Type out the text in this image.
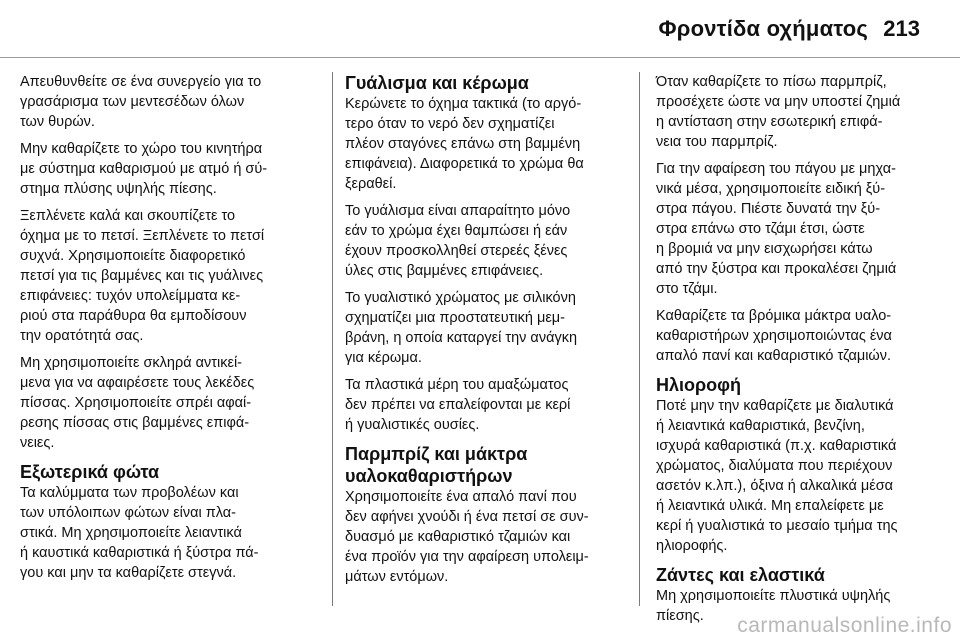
Φροντίδα οχήματος 213

Απευθυνθείτε σε ένα συνεργείο για το
γρασάρισμα των μεντεσέδων όλων
των θυρών.

Μην καθαρίζετε το χώρο του κινητήρα
με σύστημα καθαρισμού με ατμό ή σύ-
στημα πλύσης υψηλής πίεσης.

Ξεπλένετε καλά και σκουπίζετε το
όχημα με το πετσί. Ξεπλένετε το πετσί
συχνά. Χρησιμοποιείτε διαφορετικό
πετσί για τις βαμμένες και τις γυάλινες
επιφάνειες: τυχόν υπολείμματα κε-
ριού στα παράθυρα θα εμποδίσουν
την ορατότητά σας.

Μη χρησιμοποιείτε σκληρά αντικεί-
μενα για να αφαιρέσετε τους λεκέδες
πίσσας. Χρησιμοποιείτε σπρέι αφαί-
ρεσης πίσσας στις βαμμένες επιφά-
νειες.

Εξωτερικά φώτα

Τα καλύμματα των προβολέων και
των υπόλοιπων φώτων είναι πλα-
στικά. Μη χρησιμοποιείτε λειαντικά
ή καυστικά καθαριστικά ή ξύστρα πά-
γου και μην τα καθαρίζετε στεγνά.

Γυάλισμα και κέρωμα

Κερώνετε το όχημα τακτικά (το αργό-
τερο όταν το νερό δεν σχηματίζει
πλέον σταγόνες επάνω στη βαμμένη
επιφάνεια). Διαφορετικά το χρώμα θα
ξεραθεί.

Το γυάλισμα είναι απαραίτητο μόνο
εάν το χρώμα έχει θαμπώσει ή εάν
έχουν προσκολληθεί στερεές ξένες
ύλες στις βαμμένες επιφάνειες.

Το γυαλιστικό χρώματος με σιλικόνη
σχηματίζει μια προστατευτική μεμ-
βράνη, η οποία καταργεί την ανάγκη
για κέρωμα.

Τα πλαστικά μέρη του αμαξώματος
δεν πρέπει να επαλείφονται με κερί
ή γυαλιστικές ουσίες.

Παρμπρίζ και μάκτρα
υαλοκαθαριστήρων

Χρησιμοποιείτε ένα απαλό πανί που
δεν αφήνει χνούδι ή ένα πετσί σε συν-
δυασμό με καθαριστικό τζαμιών και
ένα προϊόν για την αφαίρεση υπολειμ-
μάτων εντόμων.

Όταν καθαρίζετε το πίσω παρμπρίζ,
προσέχετε ώστε να μην υποστεί ζημιά
η αντίσταση στην εσωτερική επιφά-
νεια του παρμπρίζ.

Για την αφαίρεση του πάγου με μηχα-
νικά μέσα, χρησιμοποιείτε ειδική ξύ-
στρα πάγου. Πιέστε δυνατά την ξύ-
στρα επάνω στο τζάμι έτσι, ώστε
η βρομιά να μην εισχωρήσει κάτω
από την ξύστρα και προκαλέσει ζημιά
στο τζάμι.

Καθαρίζετε τα βρόμικα μάκτρα υαλο-
καθαριστήρων χρησιμοποιώντας ένα
απαλό πανί και καθαριστικό τζαμιών.

Ηλιοροφή

Ποτέ μην την καθαρίζετε με διαλυτικά
ή λειαντικά καθαριστικά, βενζίνη,
ισχυρά καθαριστικά (π.χ. καθαριστικά
χρώματος, διαλύματα που περιέχουν
ασετόν κ.λπ.), όξινα ή αλκαλικά μέσα
ή λειαντικά υλικά. Μη επαλείφετε με
κερί ή γυαλιστικά το μεσαίο τμήμα της
ηλιοροφής.

Ζάντες και ελαστικά

Μη χρησιμοποιείτε πλυστικά υψηλής
πίεσης.	carmanualsonline.info
